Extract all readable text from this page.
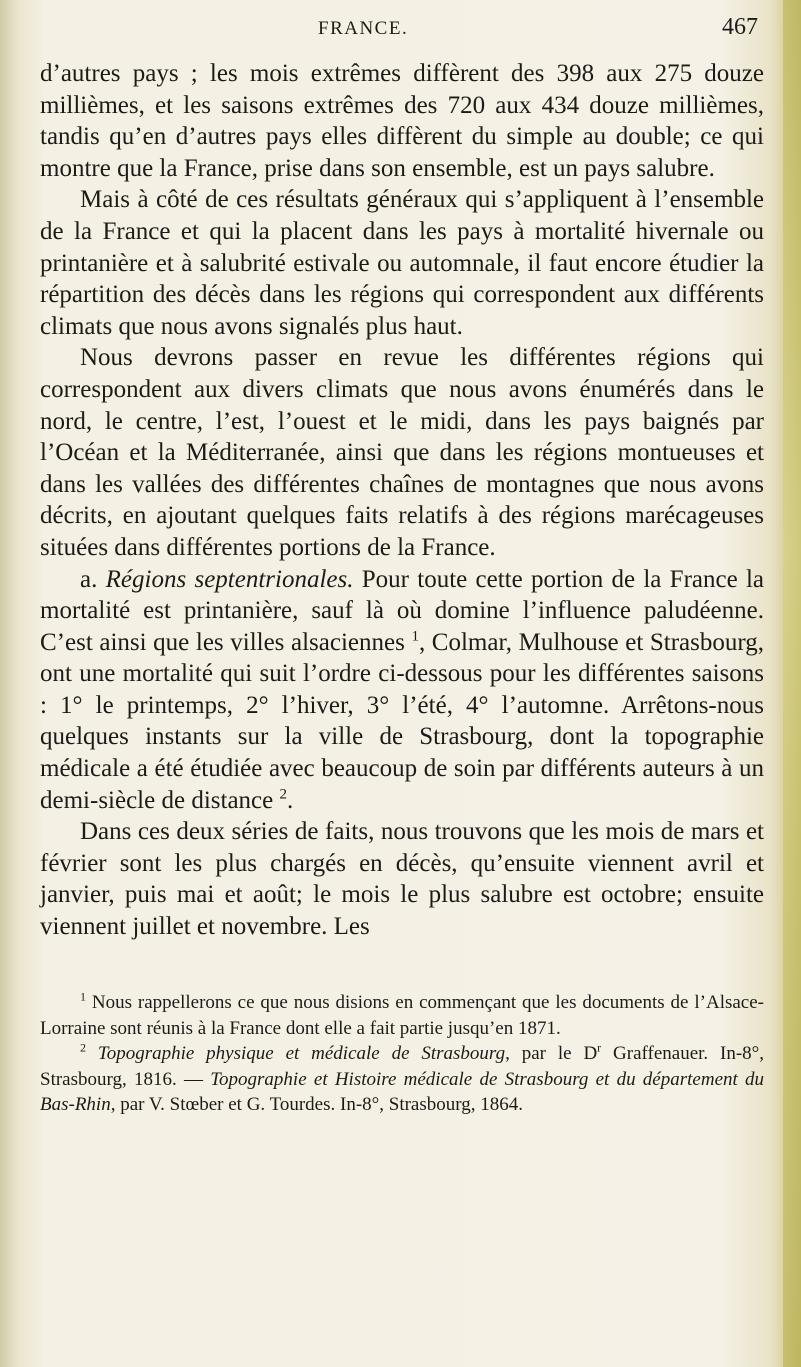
FRANCE.	467

d’autres pays ; les mois extrêmes diffèrent des 398 aux 275 douze millièmes, et les saisons extrêmes des 720 aux 434 douze millièmes, tandis qu’en d’autres pays elles diffèrent du simple au double; ce qui montre que la France, prise dans son ensemble, est un pays salubre.

Mais à côté de ces résultats généraux qui s’appliquent à l’ensemble de la France et qui la placent dans les pays à mortalité hivernale ou printanière et à salubrité estivale ou automnale, il faut encore étudier la répartition des décès dans les régions qui correspondent aux différents climats que nous avons signalés plus haut.

Nous devrons passer en revue les différentes régions qui correspondent aux divers climats que nous avons énumérés dans le nord, le centre, l’est, l’ouest et le midi, dans les pays baignés par l’Océan et la Méditerranée, ainsi que dans les régions montueuses et dans les vallées des différentes chaînes de montagnes que nous avons décrits, en ajoutant quelques faits relatifs à des régions marécageuses situées dans différentes portions de la France.

a. Régions septentrionales. Pour toute cette portion de la France la mortalité est printanière, sauf là où domine l’influence paludéenne. C’est ainsi que les villes alsaciennes $^1$, Colmar, Mulhouse et Strasbourg, ont une mortalité qui suit l’ordre ci-dessous pour les différentes saisons : 1° le printemps, 2° l’hiver, 3° l’été, 4° l’automne. Arrêtons-nous quelques instants sur la ville de Strasbourg, dont la topographie médicale a été étudiée avec beaucoup de soin par différents auteurs à un demi-siècle de distance $^2$.

Dans ces deux séries de faits, nous trouvons que les mois de mars et février sont les plus chargés en décès, qu’ensuite viennent avril et janvier, puis mai et août; le mois le plus salubre est octobre; ensuite viennent juillet et novembre. Les

$^1$ Nous rappellerons ce que nous disions en commençant que les documents de l’Alsace-Lorraine sont réunis à la France dont elle a fait partie jusqu’en 1871.

$^2$ Topographie physique et médicale de Strasbourg, par le D$^r$ Graffenauer. In-8°, Strasbourg, 1816. — Topographie et Histoire médicale de Strasbourg et du département du Bas-Rhin, par V. Stœber et G. Tourdes. In-8°, Strasbourg, 1864.
